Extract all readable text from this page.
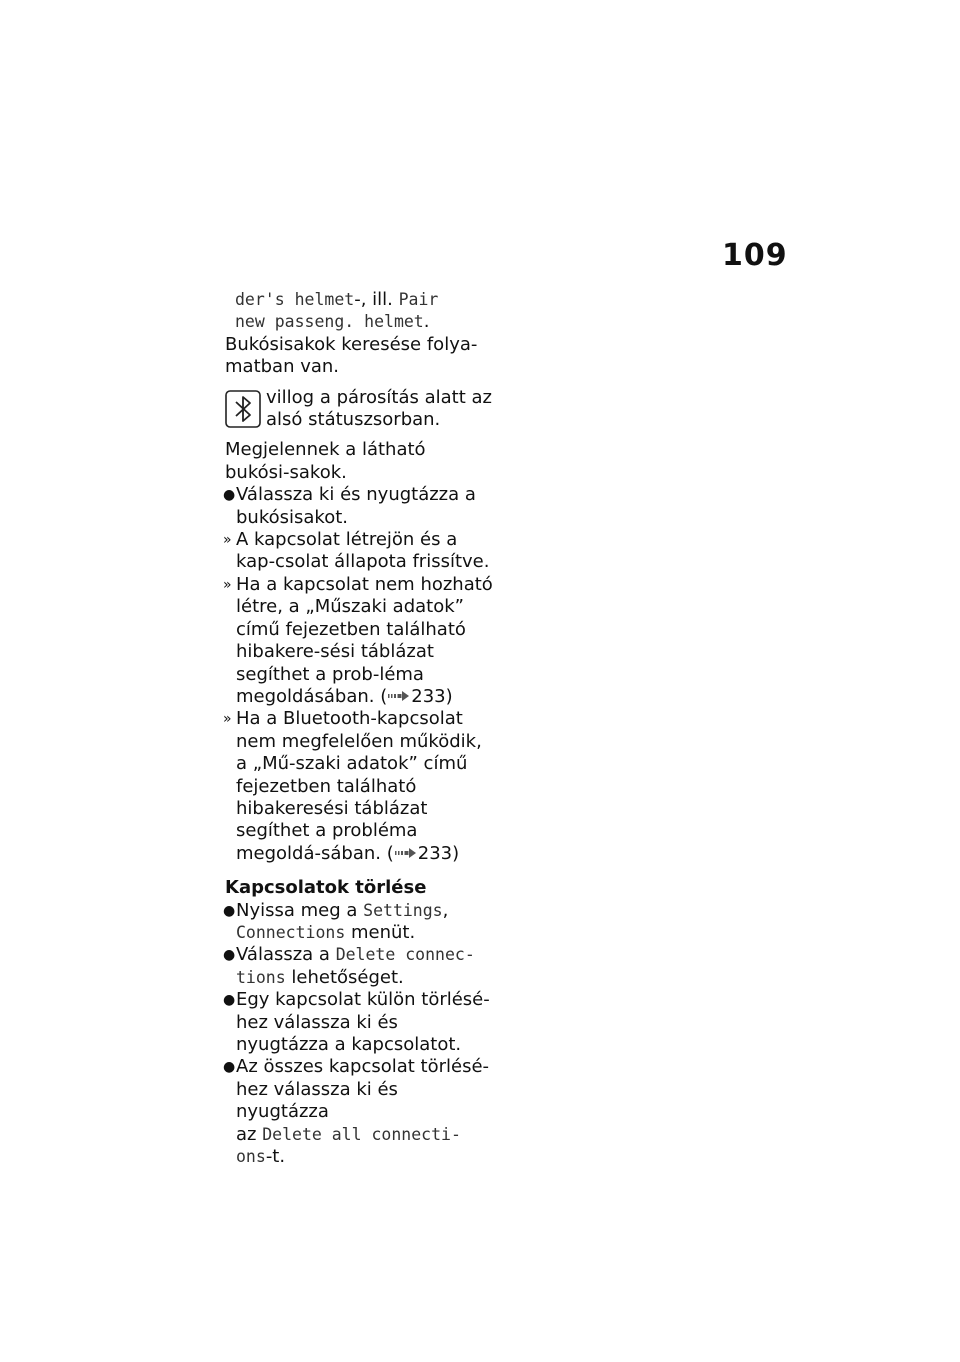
109

der's helmet-, ill. Pair

new passeng. helmet.

Bukósisakok keresése folya-matban van.

villog a párosítás alatt az alsó státuszsorban.

Megjelennek a látható bukósi-sakok.

● Válassza ki és nyugtázza a bukósisakot.

» A kapcsolat létrejön és a kap-csolat állapota frissítve.

» Ha a kapcsolat nem hozható létre, a „Műszaki adatok” című fejezetben található hibakere-sési táblázat segíthet a prob-léma megoldásában. ( 233)

» Ha a Bluetooth-kapcsolat nem megfelelően működik, a „Mű-szaki adatok” című fejezetben található hibakeresési táblázat segíthet a probléma megoldá-sában. ( 233)

Kapcsolatok törlése

● Nyissa meg a Settings,
Connections menüt.

● Válassza a Delete connec-
tions lehetőséget.

● Egy kapcsolat külön törlésé-hez válassza ki és nyugtázza a kapcsolatot.

● Az összes kapcsolat törlésé-hez válassza ki és nyugtázza
az Delete all connecti-
ons-t.
